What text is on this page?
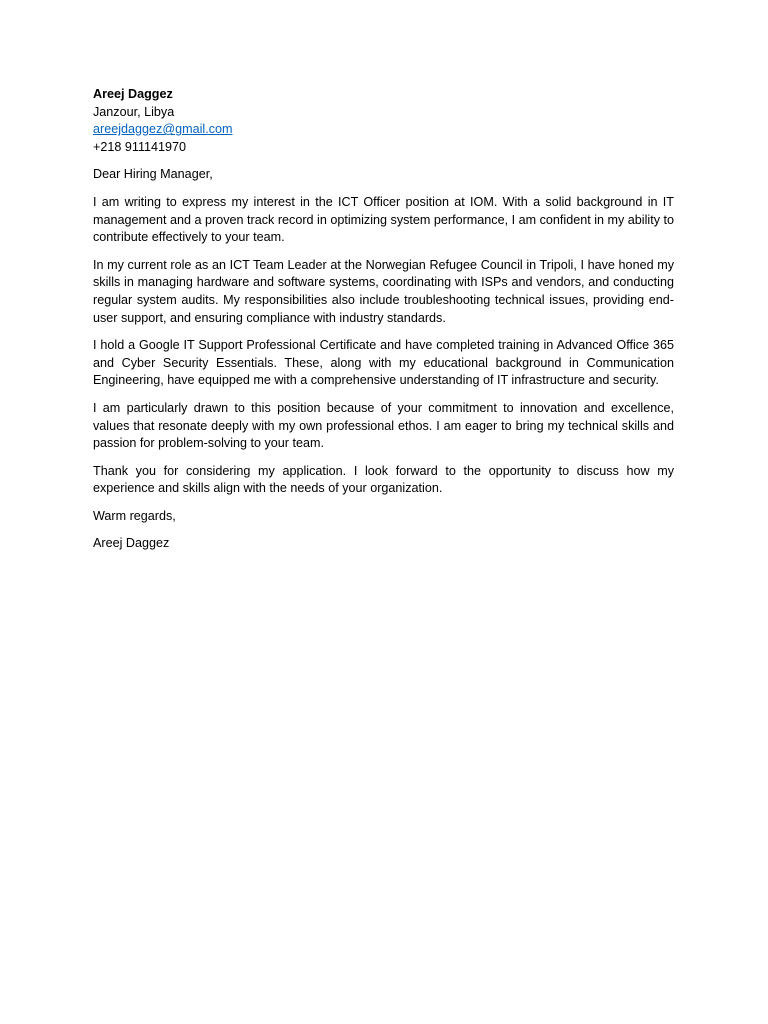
Areej Daggez
Janzour, Libya
areejdaggez@gmail.com
+218 911141970

Dear Hiring Manager,

I am writing to express my interest in the ICT Officer position at IOM. With a solid background in IT management and a proven track record in optimizing system performance, I am confident in my ability to contribute effectively to your team.

In my current role as an ICT Team Leader at the Norwegian Refugee Council in Tripoli, I have honed my skills in managing hardware and software systems, coordinating with ISPs and vendors, and conducting regular system audits. My responsibilities also include troubleshooting technical issues, providing end-user support, and ensuring compliance with industry standards.

I hold a Google IT Support Professional Certificate and have completed training in Advanced Office 365 and Cyber Security Essentials. These, along with my educational background in Communication Engineering, have equipped me with a comprehensive understanding of IT infrastructure and security.

I am particularly drawn to this position because of your commitment to innovation and excellence, values that resonate deeply with my own professional ethos. I am eager to bring my technical skills and passion for problem-solving to your team.

Thank you for considering my application. I look forward to the opportunity to discuss how my experience and skills align with the needs of your organization.

Warm regards,

Areej Daggez
